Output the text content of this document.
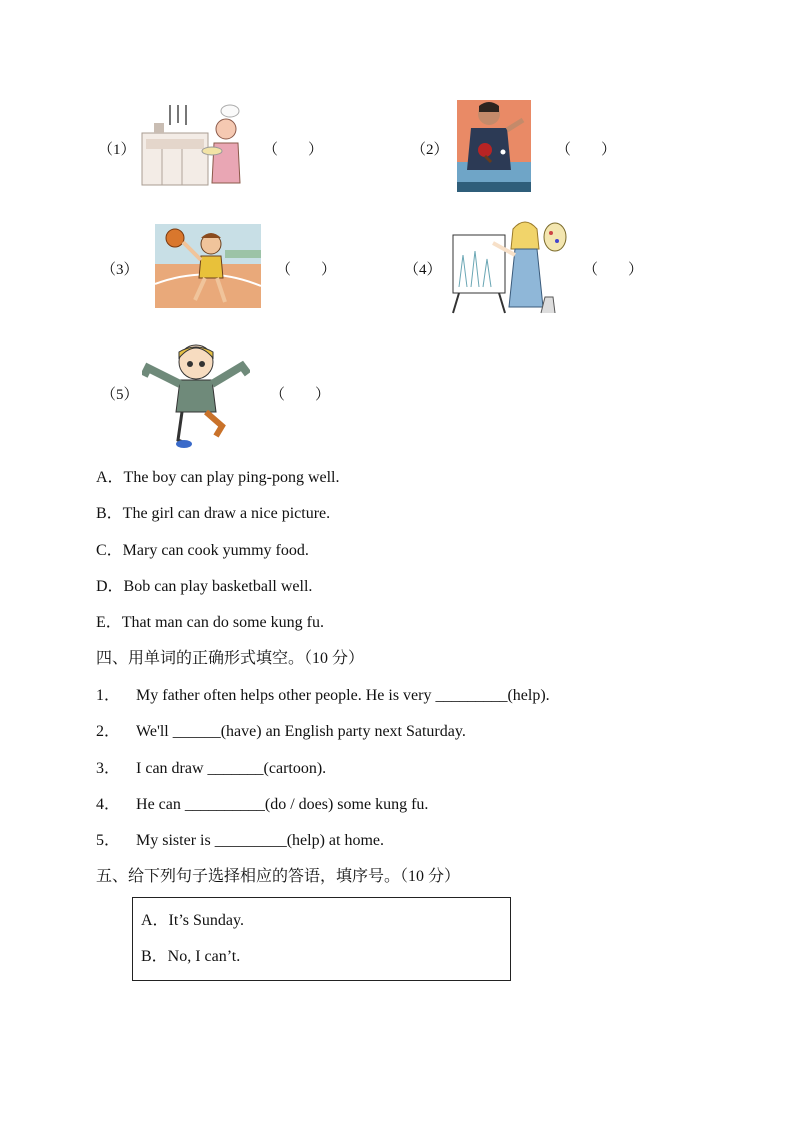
（1）	（　　）	（2）	（　　）
（3）	（　　）	（4）	（　　）
（5）	（　　）
A．The boy can play ping-pong well.
B．The girl can draw a nice picture.
C．Mary can cook yummy food.
D．Bob can play basketball well.
E．That man can do some kung fu.
四、用单词的正确形式填空。（10 分）
1． My father often helps other people. He is very _________(help).
2． We'll ______(have) an English party next Saturday.
3． I can draw _______(cartoon).
4． He can __________(do / does) some kung fu.
5． My sister is _________(help) at home.
五、给下列句子选择相应的答语，填序号。（10 分）
A．It’s Sunday.
B．No, I can’t.
